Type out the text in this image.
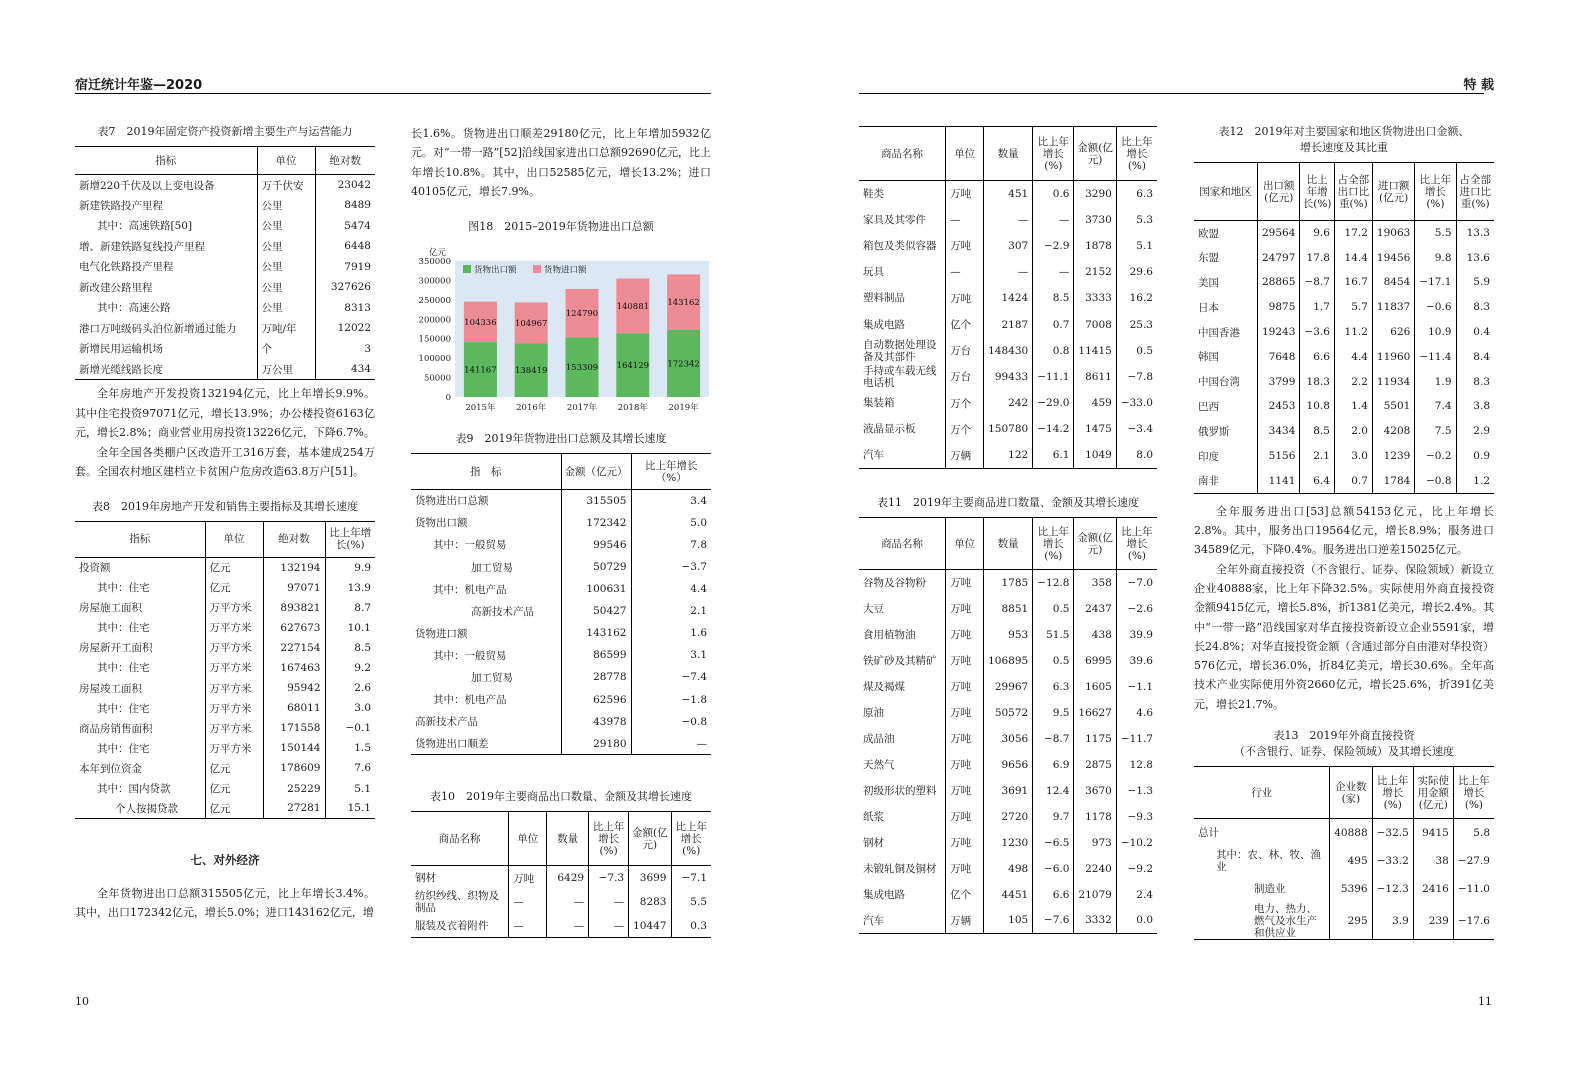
宿迁统计年鉴—2020
表7　2019年固定资产投资新增主要生产与运营能力
指标	单位	绝对数
新增220千伏及以上变电设备	万千伏安	23042
新建铁路投产里程	公里	8489
其中：高速铁路[50]	公里	5474
增、新建铁路复线投产里程	公里	6448
电气化铁路投产里程	公里	7919
新改建公路里程	公里	327626
其中：高速公路	公里	8313
港口万吨级码头泊位新增通过能力	万吨/年	12022
新增民用运输机场	个	3
新增光缆线路长度	万公里	434
全年房地产开发投资132194亿元，比上年增长9.9%。其中住宅投资97071亿元，增长13.9%；办公楼投资6163亿元，增长2.8%；商业营业用房投资13226亿元，下降6.7%。
全年全国各类棚户区改造开工316万套，基本建成254万套。全国农村地区建档立卡贫困户危房改造63.8万户[51]。
表8　2019年房地产开发和销售主要指标及其增长速度
指标	单位	绝对数	比上年增长(%)
投资额	亿元	132194	9.9
其中：住宅	亿元	97071	13.9
房屋施工面积	万平方米	893821	8.7
其中：住宅	万平方米	627673	10.1
房屋新开工面积	万平方米	227154	8.5
其中：住宅	万平方米	167463	9.2
房屋竣工面积	万平方米	95942	2.6
其中：住宅	万平方米	68011	3.0
商品房销售面积	万平方米	171558	−0.1
其中：住宅	万平方米	150144	1.5
本年到位资金	亿元	178609	7.6
其中：国内贷款	亿元	25229	5.1
个人按揭贷款	亿元	27281	15.1
七、对外经济
全年货物进出口总额315505亿元，比上年增长3.4%。其中，出口172342亿元，增长5.0%；进口143162亿元，增
长1.6%。货物进出口顺差29180亿元，比上年增加5932亿元。对“一带一路”[52]沿线国家进出口总额92690亿元，比上年增长10.8%。其中，出口52585亿元，增长13.2%；进口40105亿元，增长7.9%。
图18　2015–2019年货物进出口总额
0
50000
100000
150000
200000
250000
300000
350000
亿元
货物出口额	货物进口额
141167
104336
2015年
138419
104967
2016年
153309
124790
2017年
164129
140881
2018年
172342
143162
2019年
表9　2019年货物进出口总额及其增长速度
指　标	金额（亿元）	比上年增长（%）
货物进出口总额	315505	3.4
货物出口额	172342	5.0
其中：一般贸易	99546	7.8
加工贸易	50729	−3.7
其中：机电产品	100631	4.4
高新技术产品	50427	2.1
货物进口额	143162	1.6
其中：一般贸易	86599	3.1
加工贸易	28778	−7.4
其中：机电产品	62596	−1.8
高新技术产品	43978	−0.8
货物进出口顺差	29180	—
表10　2019年主要商品出口数量、金额及其增长速度
商品名称	单位	数量	比上年增长(%)	金额(亿元)	比上年增长(%)
钢材	万吨	6429	−7.3	3699	−7.1
纺织纱线、织物及制品	—	—	—	8283	5.5
服装及衣着附件	—	—	—	10447	0.3
10
特 载
商品名称	单位	数量	比上年增长(%)	金额(亿元)	比上年增长(%)
鞋类	万吨	451	0.6	3290	6.3
家具及其零件	—	—	—	3730	5.3
箱包及类似容器	万吨	307	−2.9	1878	5.1
玩具	—	—	—	2152	29.6
塑料制品	万吨	1424	8.5	3333	16.2
集成电路	亿个	2187	0.7	7008	25.3
自动数据处理设备及其部件	万台	148430	0.8	11415	0.5
手持或车载无线电话机	万台	99433	−11.1	8611	−7.8
集装箱	万个	242	−29.0	459	−33.0
液晶显示板	万个	150780	−14.2	1475	−3.4
汽车	万辆	122	6.1	1049	8.0
表11　2019年主要商品进口数量、金额及其增长速度
商品名称	单位	数量	比上年增长(%)	金额(亿元)	比上年增长(%)
谷物及谷物粉	万吨	1785	−12.8	358	−7.0
大豆	万吨	8851	0.5	2437	−2.6
食用植物油	万吨	953	51.5	438	39.9
铁矿砂及其精矿	万吨	106895	0.5	6995	39.6
煤及褐煤	万吨	29967	6.3	1605	−1.1
原油	万吨	50572	9.5	16627	4.6
成品油	万吨	3056	−8.7	1175	−11.7
天然气	万吨	9656	6.9	2875	12.8
初级形状的塑料	万吨	3691	12.4	3670	−1.3
纸浆	万吨	2720	9.7	1178	−9.3
钢材	万吨	1230	−6.5	973	−10.2
未锻轧铜及铜材	万吨	498	−6.0	2240	−9.2
集成电路	亿个	4451	6.6	21079	2.4
汽车	万辆	105	−7.6	3332	0.0
表12　2019年对主要国家和地区货物进出口金额、增长速度及其比重
国家和地区	出口额(亿元)	比上年增长(%)	占全部出口比重(%)	进口额(亿元)	比上年增长(%)	占全部进口比重(%)
欧盟	29564	9.6	17.2	19063	5.5	13.3
东盟	24797	17.8	14.4	19456	9.8	13.6
美国	28865	−8.7	16.7	8454	−17.1	5.9
日本	9875	1.7	5.7	11837	−0.6	8.3
中国香港	19243	−3.6	11.2	626	10.9	0.4
韩国	7648	6.6	4.4	11960	−11.4	8.4
中国台湾	3799	18.3	2.2	11934	1.9	8.3
巴西	2453	10.8	1.4	5501	7.4	3.8
俄罗斯	3434	8.5	2.0	4208	7.5	2.9
印度	5156	2.1	3.0	1239	−0.2	0.9
南非	1141	6.4	0.7	1784	−0.8	1.2
全年服务进出口[53]总额54153亿元，比上年增长2.8%。其中，服务出口19564亿元，增长8.9%；服务进口34589亿元，下降0.4%。服务进出口逆差15025亿元。
全年外商直接投资（不含银行、证券、保险领域）新设立企业40888家，比上年下降32.5%。实际使用外商直接投资金额9415亿元，增长5.8%，折1381亿美元，增长2.4%。其中“一带一路”沿线国家对华直接投资新设立企业5591家，增长24.8%；对华直接投资金额（含通过部分自由港对华投资）576亿元，增长36.0%，折84亿美元，增长30.6%。全年高技术产业实际使用外资2660亿元，增长25.6%，折391亿美元，增长21.7%。
表13　2019年外商直接投资
（不含银行、证券、保险领域）及其增长速度
行业	企业数(家)	比上年增长(%)	实际使用金额(亿元)	比上年增长(%)
总计	40888	−32.5	9415	5.8
其中：农、林、牧、渔业	495	−33.2	38	−27.9
制造业	5396	−12.3	2416	−11.0
电力、热力、燃气及水生产和供应业	295	3.9	239	−17.6
11
